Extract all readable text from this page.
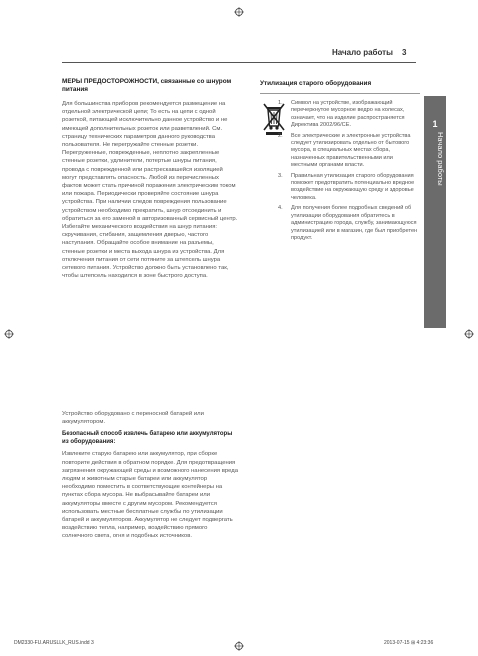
Начало работы 3
1
Начало работы
МЕРЫ ПРЕДОСТОРОЖНОСТИ, связанные со шнуром питания

Для большинства приборов рекомендуется размещение на отдельной электрической цепи; То есть на цепи с одной розеткой, питающей исключительно данное устройство и не имеющей дополнительных розеток или разветвлений. См. страницу технических параметров данного руководства пользователя. Не перегружайте стенные розетки. Перегруженные, поврежденные, неплотно закрепленные стенные розетки, удлинители, потертые шнуры питания, провода с поврежденной или растрескавшейся изоляцией могут представлять опасность. Любой из перечисленных фактов может стать причиной поражения электрическим током или пожара. Периодически проверяйте состояние шнура устройства. При наличии следов повреждения пользование устройством необходимо прекратить, шнур отсоединить и обратиться за его заменой в авторизованный сервисный центр. Избегайте механического воздействия на шнур питания: скручивания, стибания, защемления дверью, частого наступания. Обращайте особое внимание на разъемы, стенные розетки и места выхода шнура из устройства. Для отключения питания от сети потяните за штепсель шнура сетевого питания. Устройство должно быть установлено так, чтобы штепсель находился в зоне быстрого доступа.

Устройство оборудовано с переносной батарей или аккумулятором.

Безопасный способ извлечь батарею или аккумуляторы из оборудования:

Извлеките старую батарею или аккумулятор, при сборке повторите действия в обратном порядке. Для предотвращения загрязнения окружающей среды и возможного нанесения вреда людям и животным старые батареи или аккумулятор необходимо поместить в соответствующие контейнеры на пунктах сбора мусора. Не выбрасывайте батареи или аккумуляторы вместе с другим мусором. Рекомендуется использовать местные бесплатные службы по утилизации батарей и аккумуляторов. Аккумулятор не следует подвергать воздействию тепла, например, воздействию прямого солнечного света, огня и подобных источников.

Утилизация старого оборудования
1. Символ на устройстве, изображающий перечеркнутое мусорное ведро на колесах, означает, что на изделие распространяется Директива 2002/96/CE.
2. Все электрические и электронные устройства следует утилизировать отдельно от бытового мусора, в специальных местах сбора, назначенных правительственными или местными органами власти.
3. Правильная утилизация старого оборудования поможет предотвратить потенциально вредное воздействие на окружающую среду и здоровье человека.
4. Для получения более подробных сведений об утилизации оборудования обратитесь в администрацию города, службу, занимающуюся утилизацией или в магазин, где был приобретен продукт.
DM2330-FU.ARUSLLK_RUS.indd 3	2013-07-15 ⊞ 4:23:36
